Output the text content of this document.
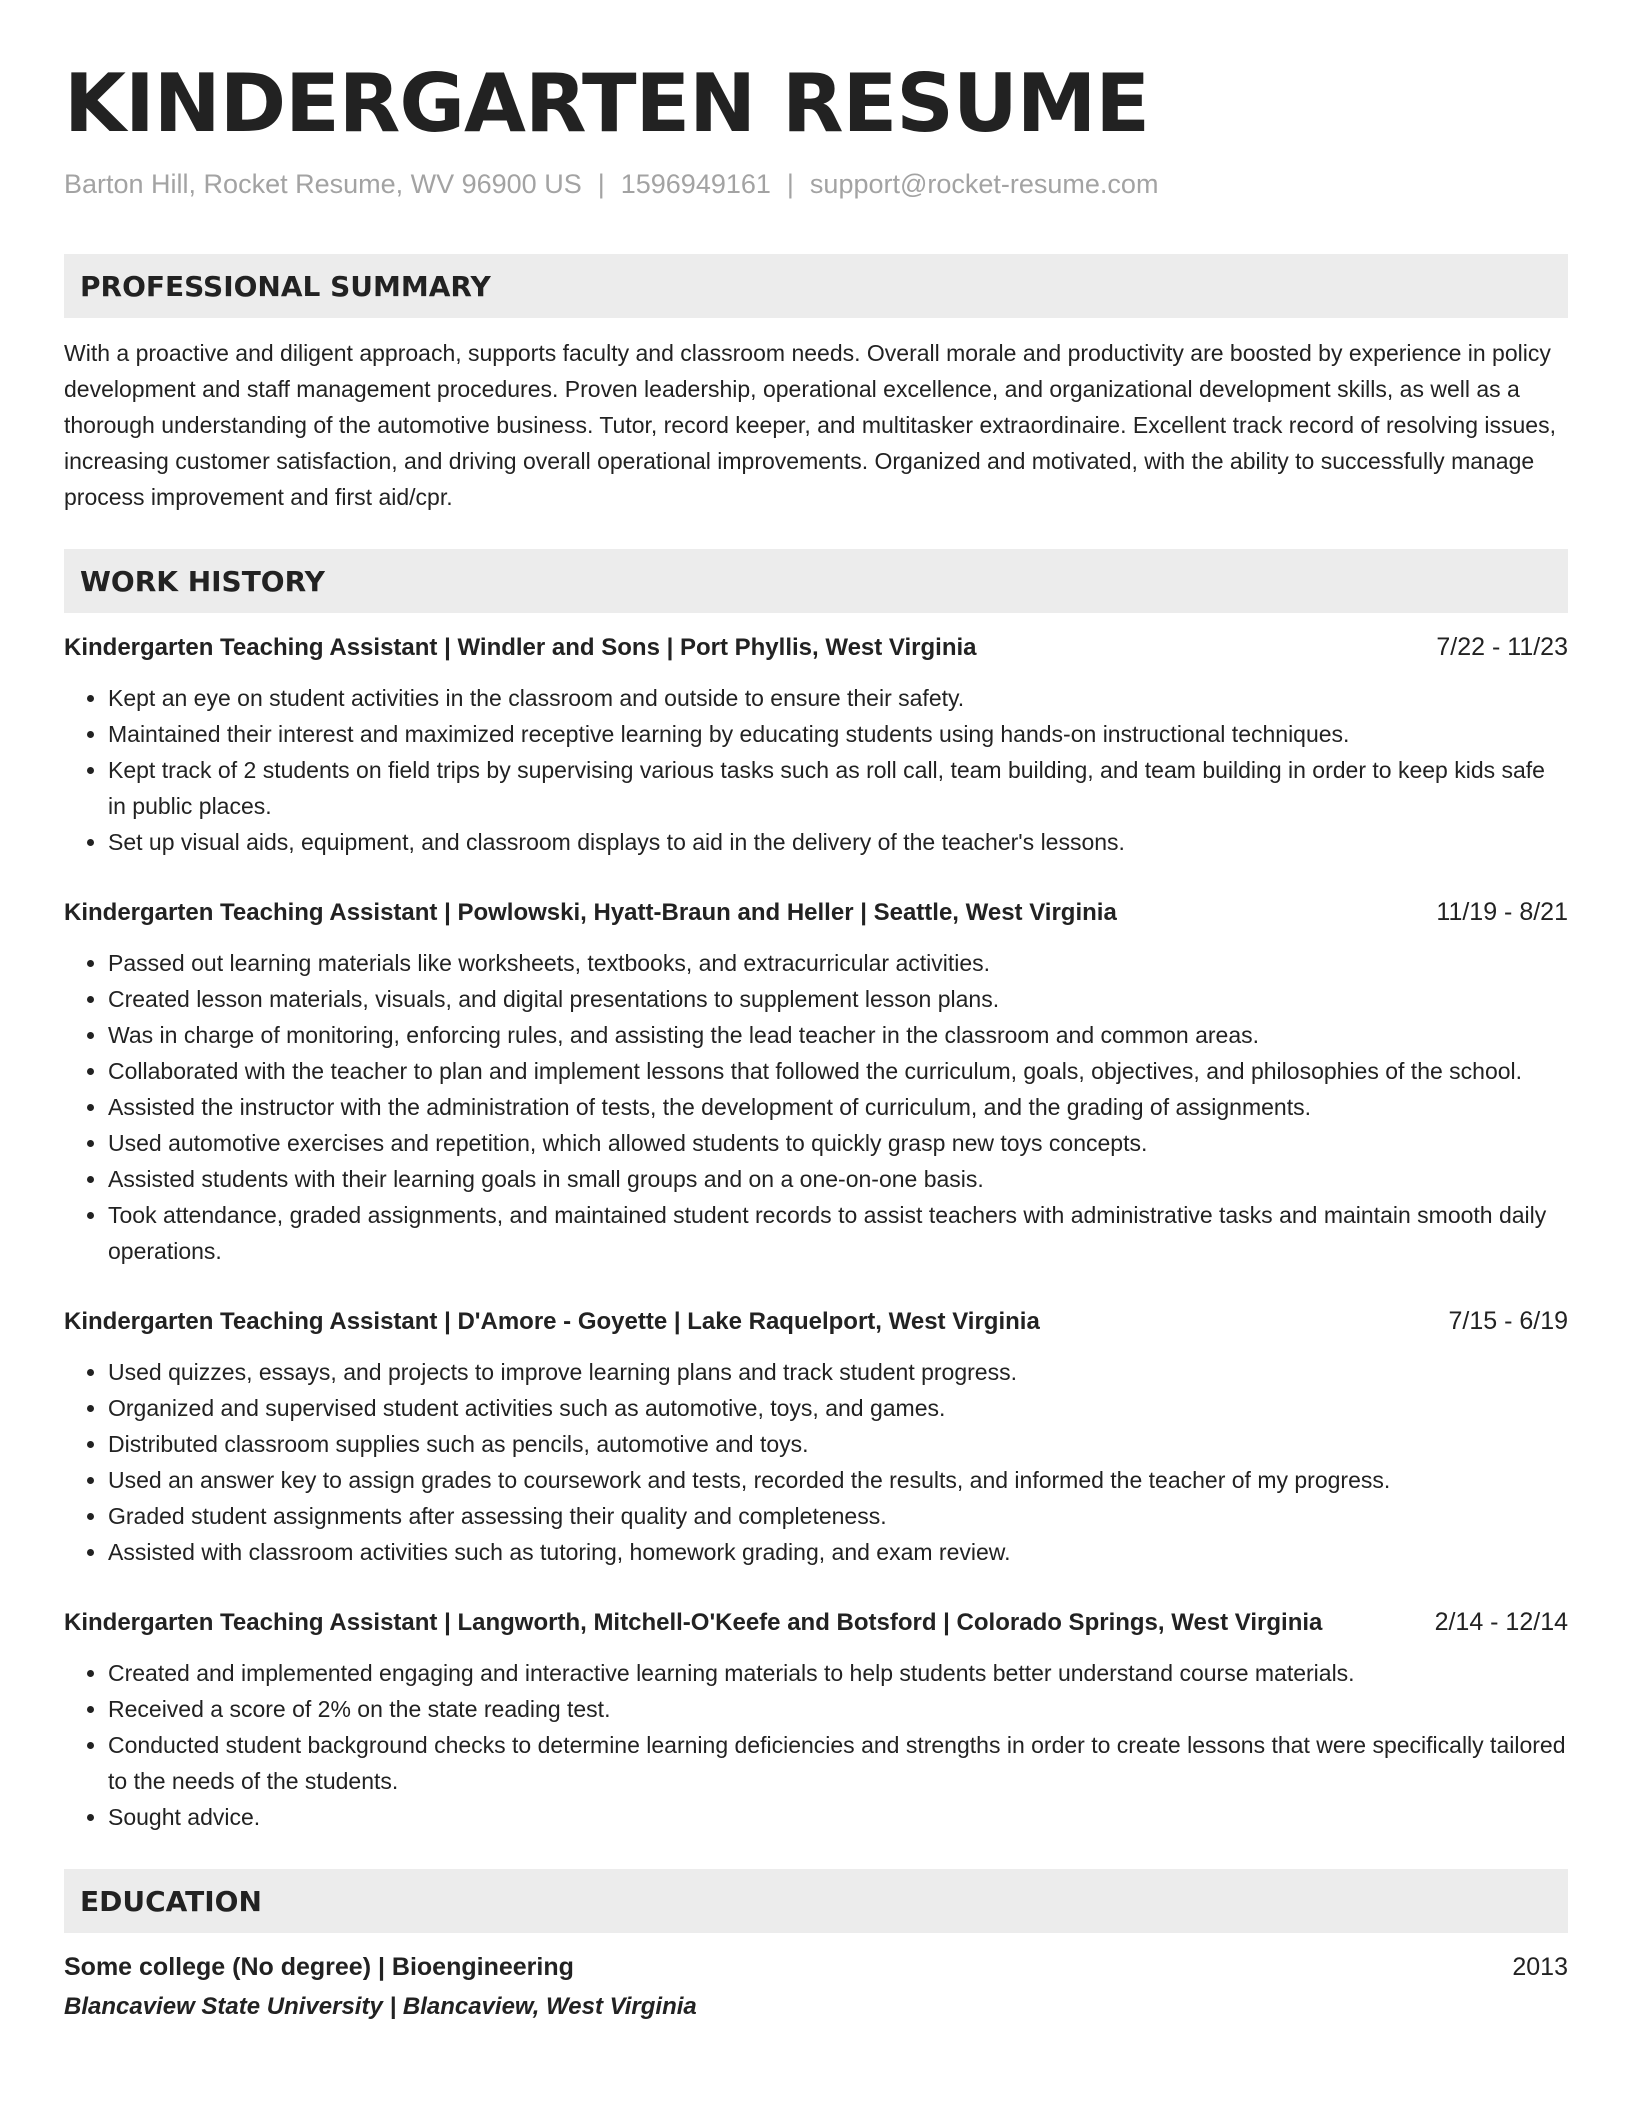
KINDERGARTEN RESUME
Barton Hill, Rocket Resume, WV 96900 US | 1596949161 | support@rocket-resume.com
PROFESSIONAL SUMMARY
With a proactive and diligent approach, supports faculty and classroom needs. Overall morale and productivity are boosted by experience in policy development and staff management procedures. Proven leadership, operational excellence, and organizational development skills, as well as a thorough understanding of the automotive business. Tutor, record keeper, and multitasker extraordinaire. Excellent track record of resolving issues, increasing customer satisfaction, and driving overall operational improvements. Organized and motivated, with the ability to successfully manage process improvement and first aid/cpr.
WORK HISTORY
Kindergarten Teaching Assistant | Windler and Sons | Port Phyllis, West Virginia	7/22 - 11/23
• Kept an eye on student activities in the classroom and outside to ensure their safety.
• Maintained their interest and maximized receptive learning by educating students using hands-on instructional techniques.
• Kept track of 2 students on field trips by supervising various tasks such as roll call, team building, and team building in order to keep kids safe in public places.
• Set up visual aids, equipment, and classroom displays to aid in the delivery of the teacher's lessons.
Kindergarten Teaching Assistant | Powlowski, Hyatt-Braun and Heller | Seattle, West Virginia	11/19 - 8/21
• Passed out learning materials like worksheets, textbooks, and extracurricular activities.
• Created lesson materials, visuals, and digital presentations to supplement lesson plans.
• Was in charge of monitoring, enforcing rules, and assisting the lead teacher in the classroom and common areas.
• Collaborated with the teacher to plan and implement lessons that followed the curriculum, goals, objectives, and philosophies of the school.
• Assisted the instructor with the administration of tests, the development of curriculum, and the grading of assignments.
• Used automotive exercises and repetition, which allowed students to quickly grasp new toys concepts.
• Assisted students with their learning goals in small groups and on a one-on-one basis.
• Took attendance, graded assignments, and maintained student records to assist teachers with administrative tasks and maintain smooth daily operations.
Kindergarten Teaching Assistant | D'Amore - Goyette | Lake Raquelport, West Virginia	7/15 - 6/19
• Used quizzes, essays, and projects to improve learning plans and track student progress.
• Organized and supervised student activities such as automotive, toys, and games.
• Distributed classroom supplies such as pencils, automotive and toys.
• Used an answer key to assign grades to coursework and tests, recorded the results, and informed the teacher of my progress.
• Graded student assignments after assessing their quality and completeness.
• Assisted with classroom activities such as tutoring, homework grading, and exam review.
Kindergarten Teaching Assistant | Langworth, Mitchell-O'Keefe and Botsford | Colorado Springs, West Virginia	2/14 - 12/14
• Created and implemented engaging and interactive learning materials to help students better understand course materials.
• Received a score of 2% on the state reading test.
• Conducted student background checks to determine learning deficiencies and strengths in order to create lessons that were specifically tailored to the needs of the students.
• Sought advice.
EDUCATION
Some college (No degree) | Bioengineering	2013
Blancaview State University | Blancaview, West Virginia
